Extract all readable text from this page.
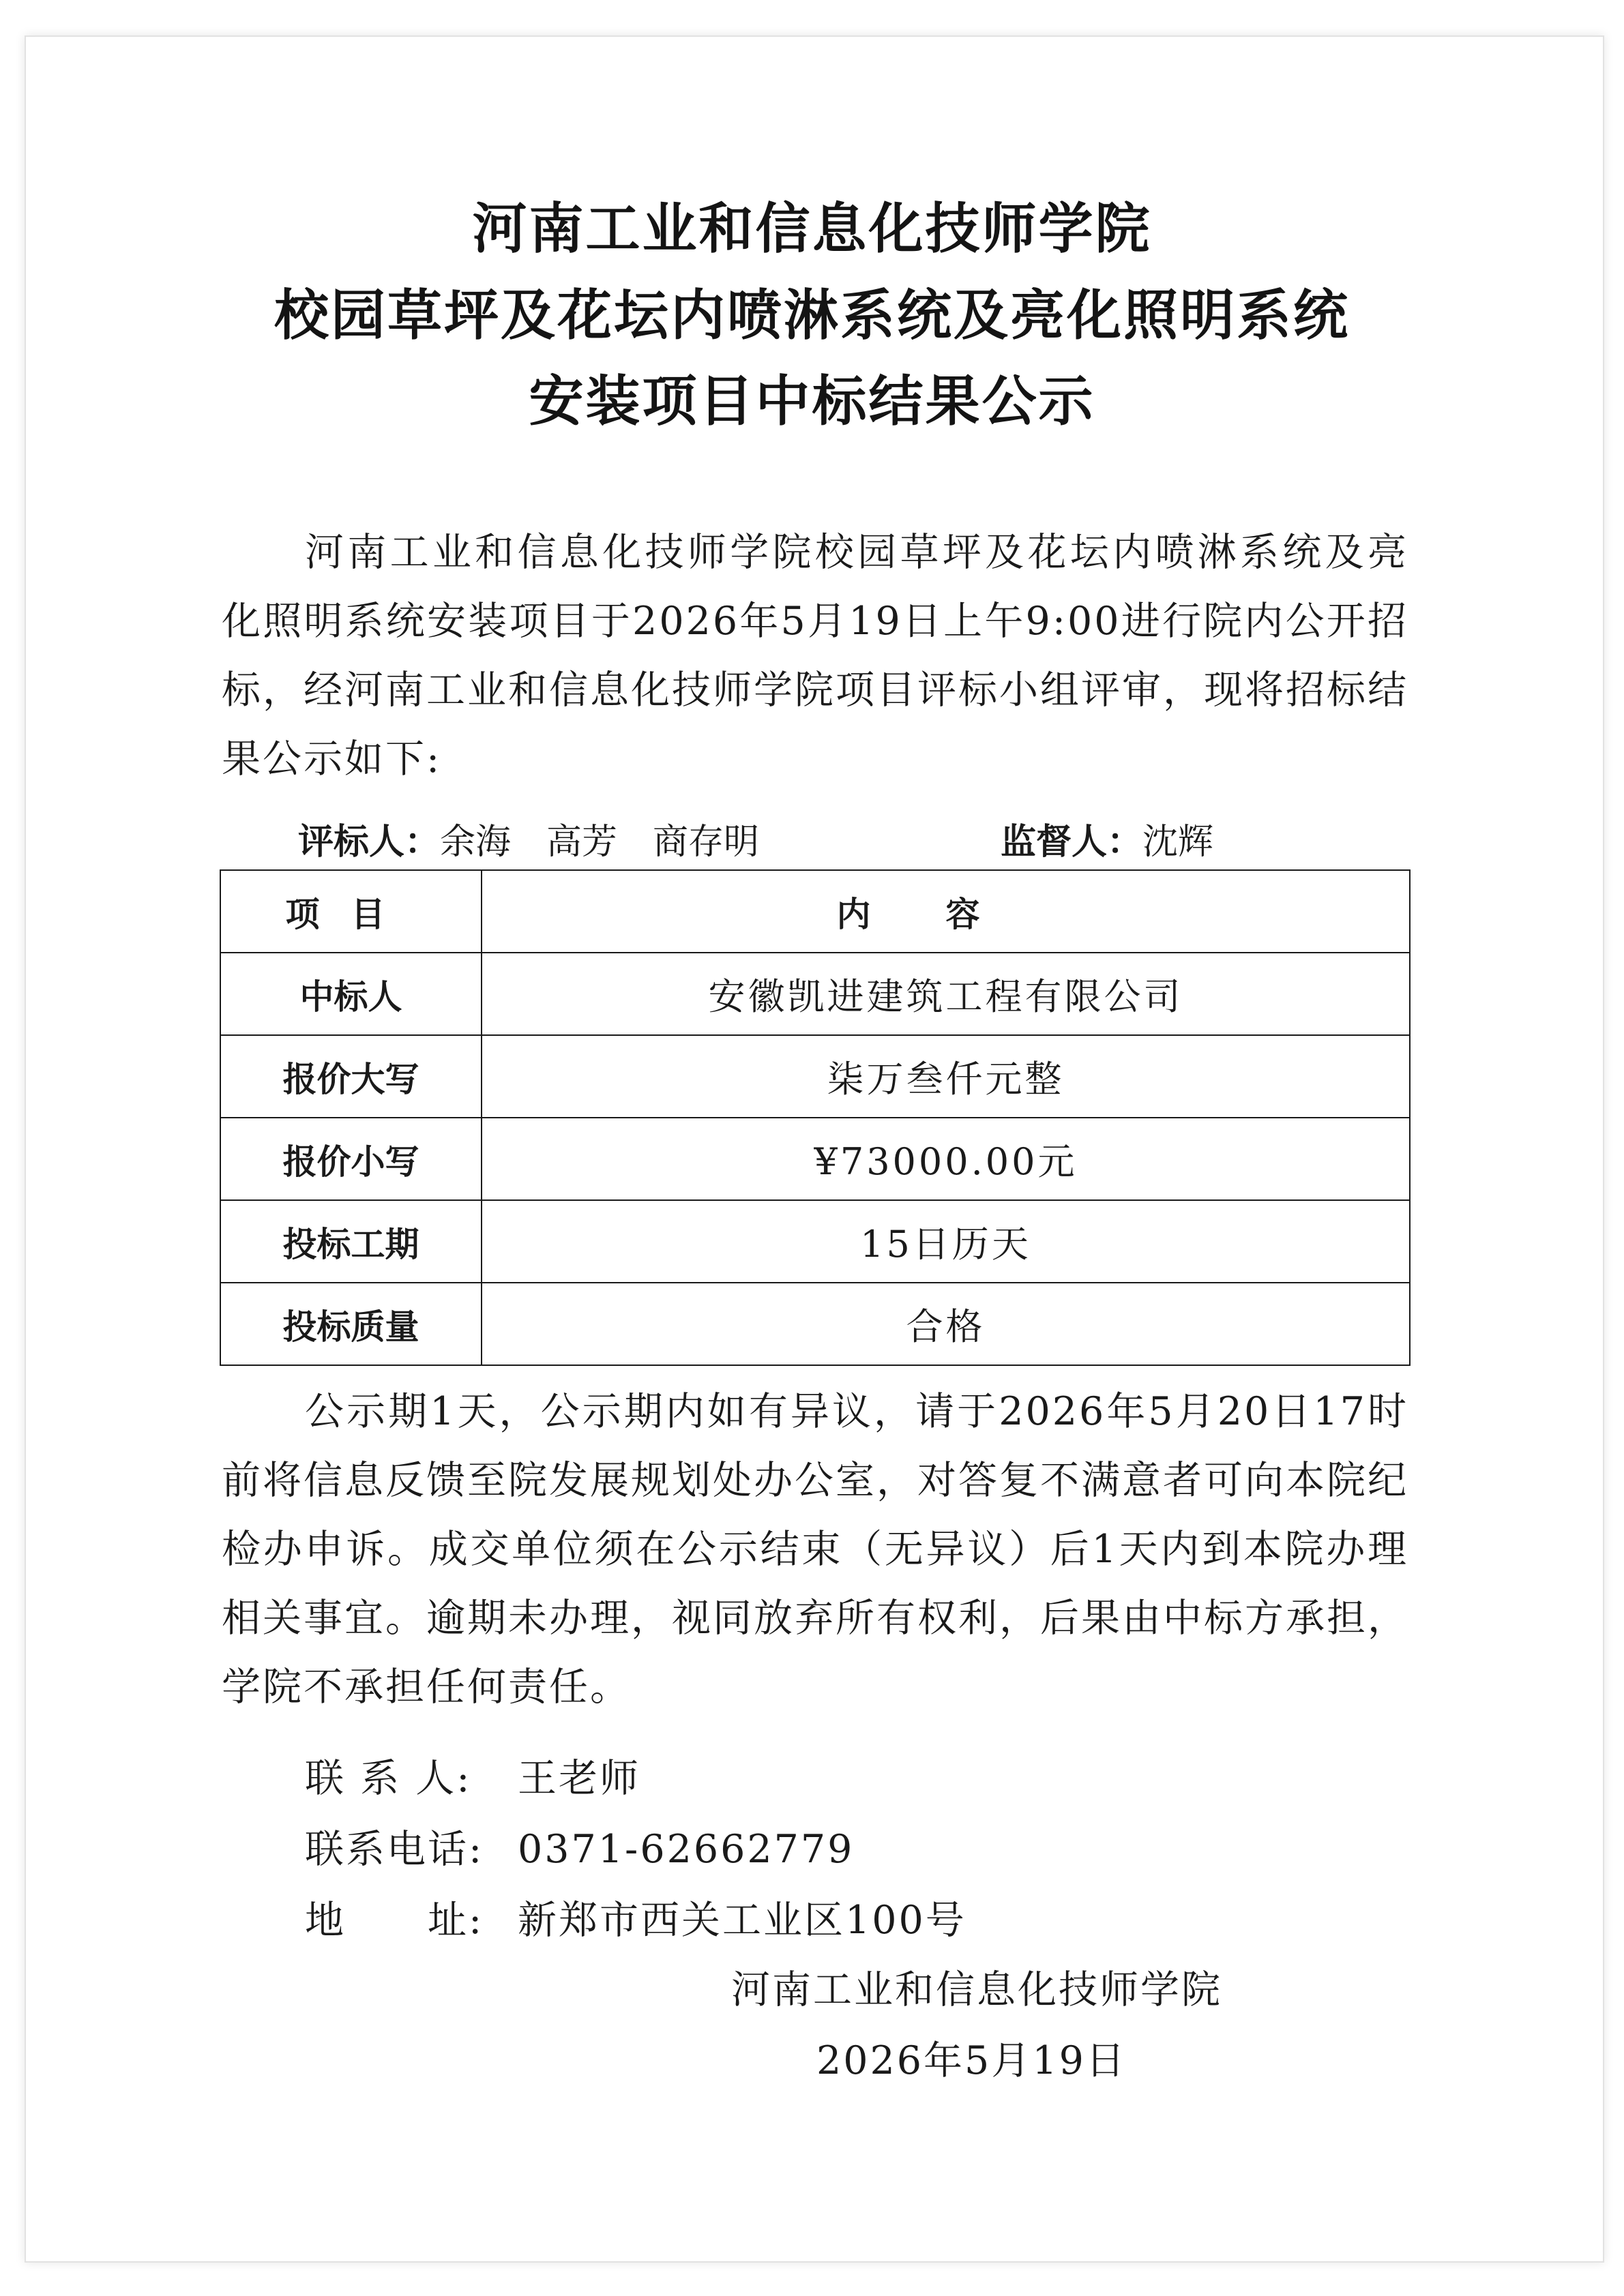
河南工业和信息化技师学院
校园草坪及花坛内喷淋系统及亮化照明系统
安装项目中标结果公示

河南工业和信息化技师学院校园草坪及花坛内喷淋系统及亮化照明系统安装项目于2026年5月19日上午9:00进行院内公开招标，经河南工业和信息化技师学院项目评标小组评审，现将招标结果公示如下:

评标人：余海　高芳　商存明	监督人：沈辉
项目	内容
中标人	安徽凯进建筑工程有限公司
报价大写	柒万叁仟元整
报价小写	¥73000.00元
投标工期	15日历天
投标质量	合格

公示期1天，公示期内如有异议，请于2026年5月20日17时前将信息反馈至院发展规划处办公室，对答复不满意者可向本院纪检办申诉。成交单位须在公示结束（无异议）后1天内到本院办理相关事宜。逾期未办理，视同放弃所有权利，后果由中标方承担，学院不承担任何责任。

联 系 人: 王老师
联系电话: 0371-62662779
地　　址: 新郑市西关工业区100号
河南工业和信息化技师学院
2026年5月19日
